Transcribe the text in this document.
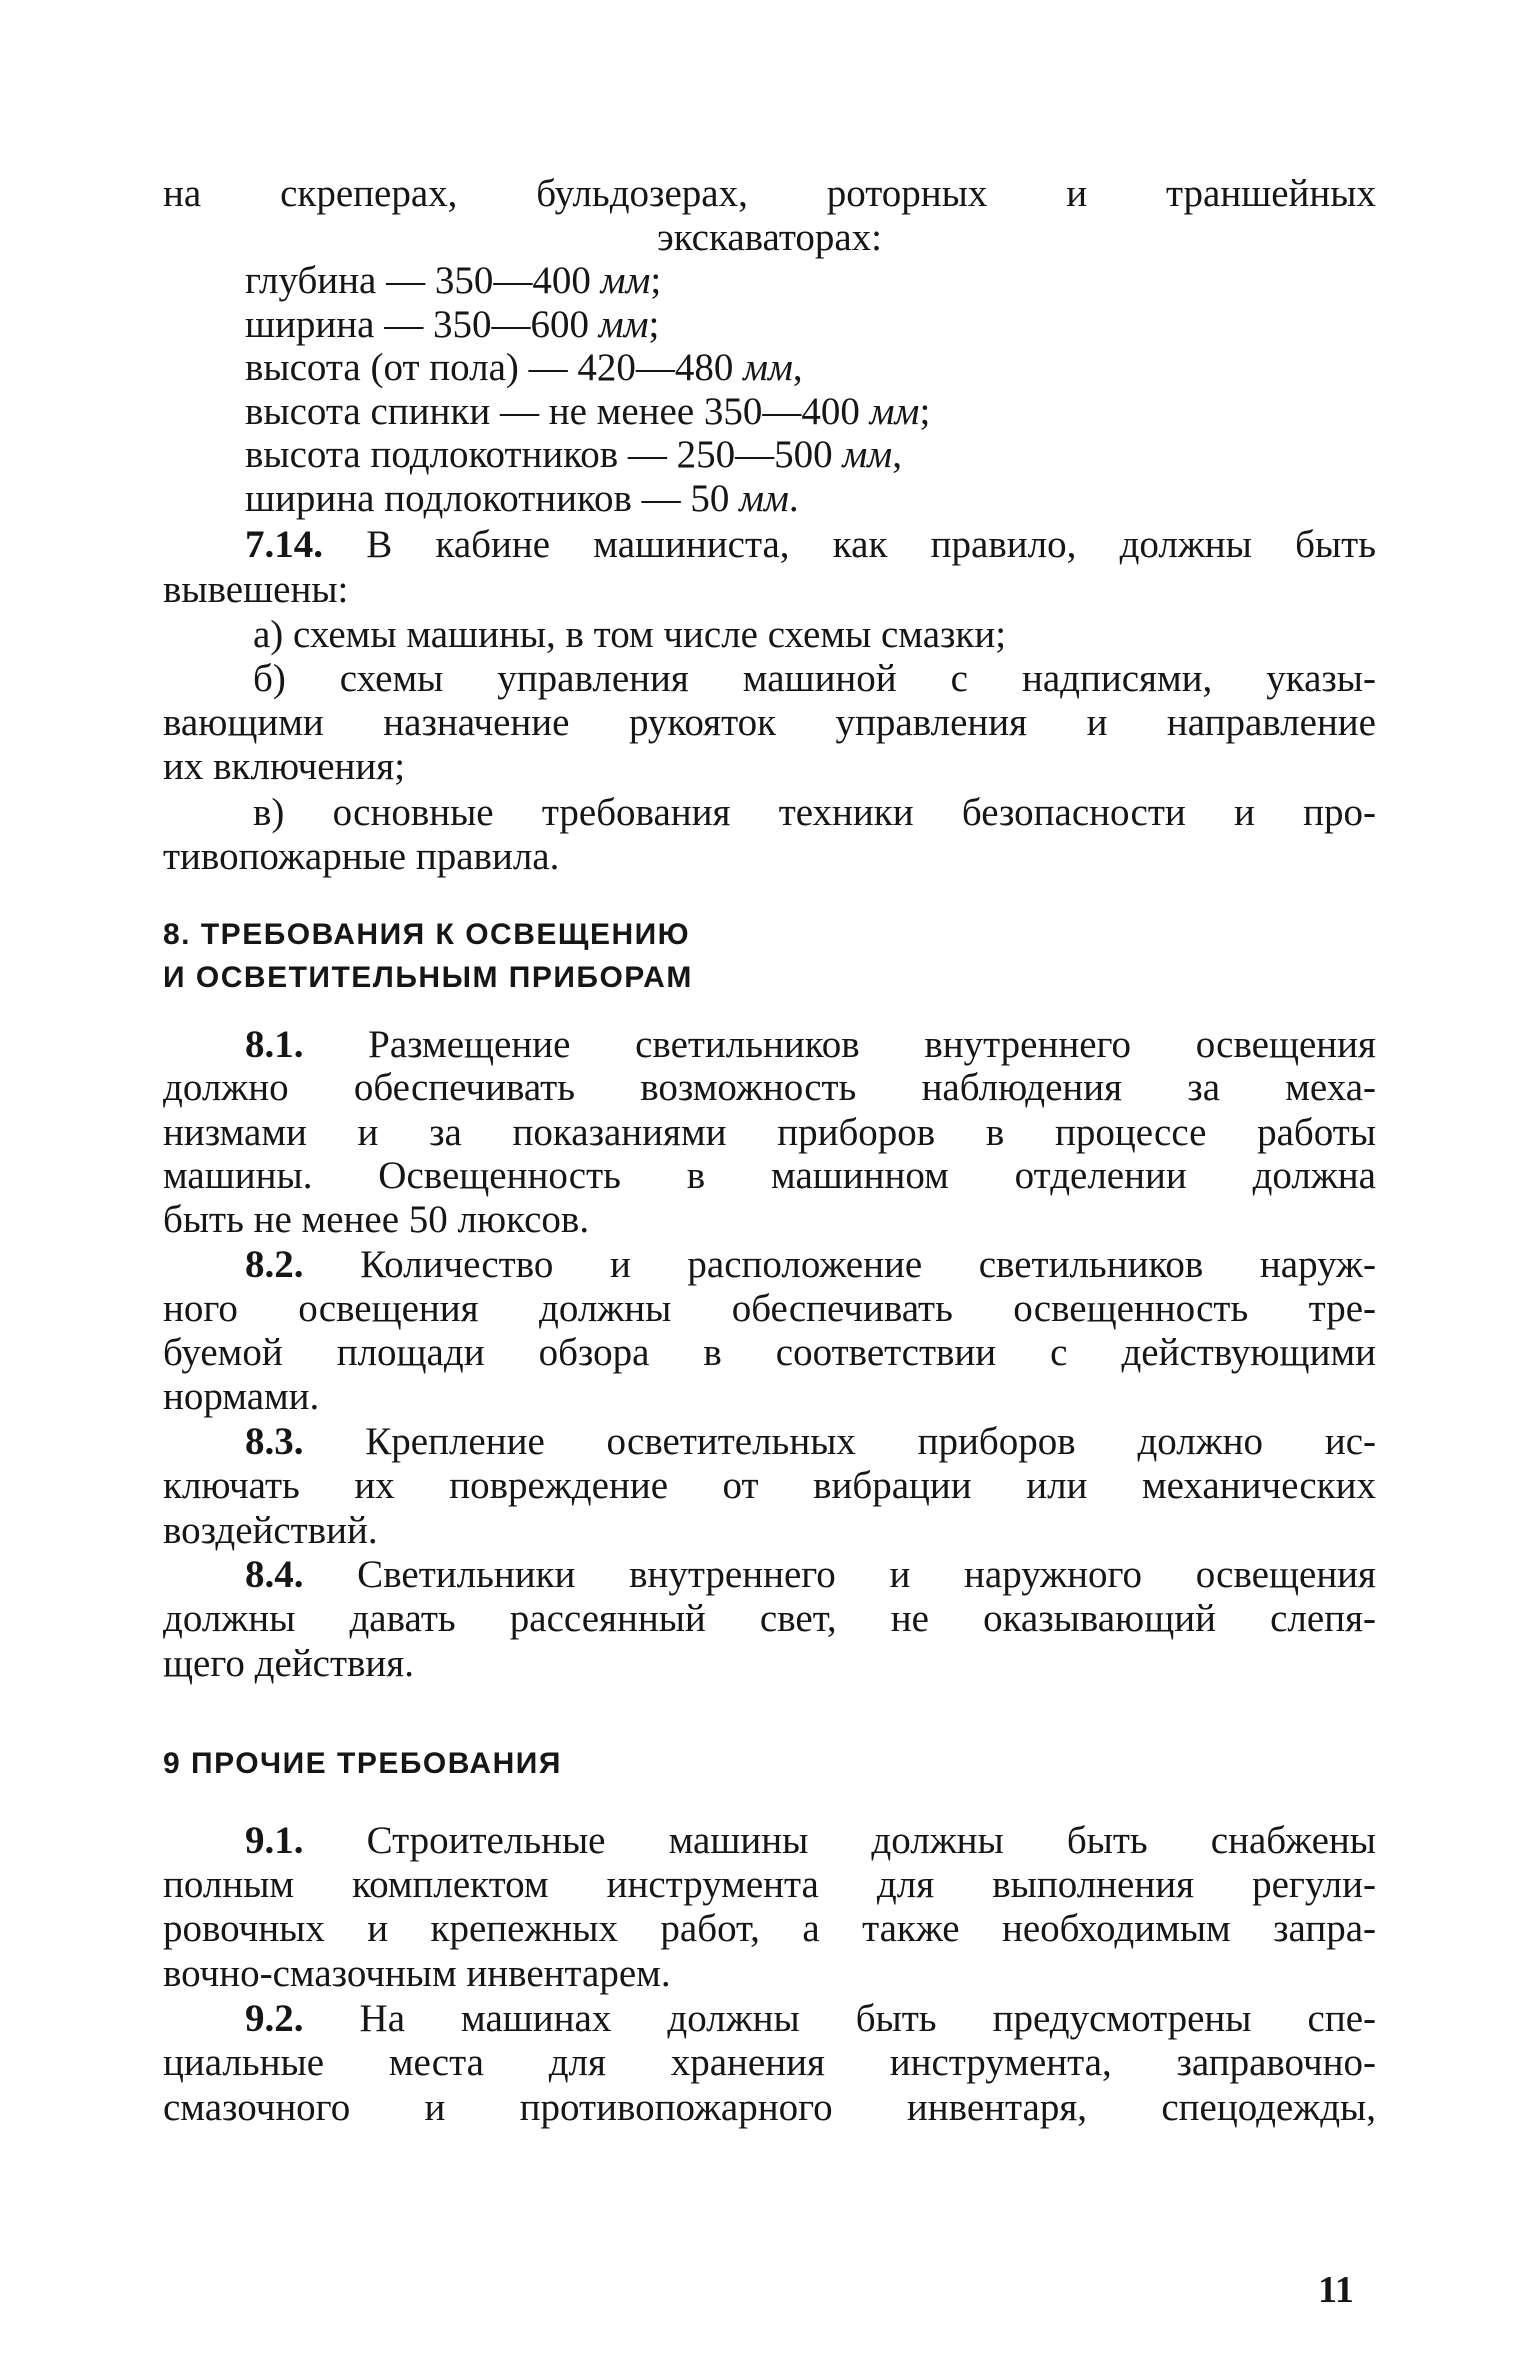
на скреперах, бульдозерах, роторных и траншейных
экскаваторах:
глубина — 350—400 мм;
ширина — 350—600 мм;
высота (от пола) — 420—480 мм,
высота спинки — не менее 350—400 мм;
высота подлокотников — 250—500 мм,
ширина подлокотников — 50 мм.
7.14. В кабине машиниста, как правило, должны быть
вывешены:
а) схемы машины, в том числе схемы смазки;
б) схемы управления машиной с надписями, указы-
вающими назначение рукояток управления и направление
их включения;
в) основные требования техники безопасности и про-
тивопожарные правила.
8. ТРЕБОВАНИЯ К ОСВЕЩЕНИЮ
И ОСВЕТИТЕЛЬНЫМ ПРИБОРАМ
8.1. Размещение светильников внутреннего освещения
должно обеспечивать возможность наблюдения за меха-
низмами и за показаниями приборов в процессе работы
машины. Освещенность в машинном отделении должна
быть не менее 50 люксов.
8.2. Количество и расположение светильников наруж-
ного освещения должны обеспечивать освещенность тре-
буемой площади обзора в соответствии с действующими
нормами.
8.3. Крепление осветительных приборов должно ис-
ключать их повреждение от вибрации или механических
воздействий.
8.4. Светильники внутреннего и наружного освещения
должны давать рассеянный свет, не оказывающий слепя-
щего действия.
9 ПРОЧИЕ ТРЕБОВАНИЯ
9.1. Строительные машины должны быть снабжены
полным комплектом инструмента для выполнения регули-
ровочных и крепежных работ, а также необходимым запра-
вочно-смазочным инвентарем.
9.2. На машинах должны быть предусмотрены спе-
циальные места для хранения инструмента, заправочно-
смазочного и противопожарного инвентаря, спецодежды,
11
